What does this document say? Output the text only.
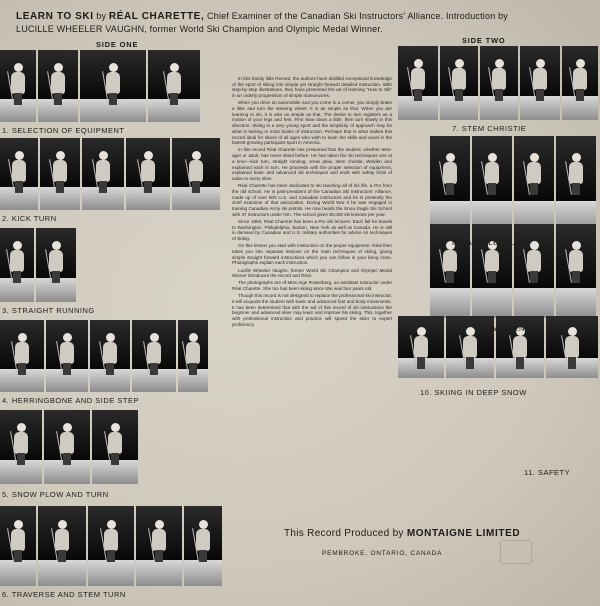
LEARN TO SKI by RÉAL CHARETTE, Chief Examiner of the Canadian Ski Instructors' Alliance. Introduction by
LUCILLE WHEELER VAUGHN, former World Ski Champion and Olympic Medal Winner.
SIDE ONE	SIDE TWO
1. SELECTION OF EQUIPMENT
2. KICK TURN
3. STRAIGHT RUNNING
4. HERRINGBONE AND SIDE STEP
5. SNOW PLOW AND TURN
6. TRAVERSE AND STEM TURN
7. STEM CHRISTIE
8. PARALLEL TURN
9. WELDEN
10. SKIING IN DEEP SNOW
11. SAFETY

In this handy little Record, the authors have distilled exceptional knowledge of the sport of skiing into simple yet straight forward detailed instruction. With step-by-step illustrations, they have presented the art of learning "How to Ski" in an orderly progression of simple manoeuvres.

When you drive an automobile and you come to a corner, you simply brake a little and turn the steering wheel. It is as simple as that. When you are learning to ski, it is also as simple as that. The desire to turn registers as a motion of your legs and feet. First slow down a little, then turn slowly in this direction. Skiing is a very young sport and the simplicity of approach may be what is lacking in most books of instruction. Perhaps that is what makes this record ideal for skiers of all ages who wish to learn the skills and excel in the fastest growing participant sport in America.

In this record Réal Charette has presumed that the student, whether teen-ager or adult, has never skied before. He has taken the ski techniques one at a time—kick turn, straight running, snow plow, stem christie, Welden and explained each in turn. He proceeds with the proper selection of equipment, explained basic and advanced ski techniques and ends with safety hints of value to every skier.

Réal Charette has been dedicated to ski teaching all of his life, a Pro from the old school. He is past-president of the Canadian Ski Instructors' Alliance, made up of over 800 U.S. and Canadian instructors and he is presently the chief examiner of that association. During World War II he was engaged in training Canadian Army ski patrols. He now heads the Snow Eagle Ski School with 37 instructors under him. The school gives 30,000 ski lessons per year.

Since 1950, Réal Charette has been a Pro Ski lecturer. Each fall he travels to Washington, Philadelphia, Boston, New York as well as Canada. He is still in demand by Canadian and U.S. military authorities for advice on techniques of skiing.

On this lesson you start with instruction on the proper equipment. Réal then takes you into separate lessons on the main techniques of skiing, giving simple straight forward instructions which you can follow in your living room. Photographs explain each instruction.

Lucille Wheeler Vaughn, former World Ski Champion and Olympic Medal Winner introduces the record and Réal.

The photographs are of Miss Inge Rosenberg, an assistant instructor under Réal Charette. She too has been skiing since she was four years old.

Though this record is not designed to replace the professional ski instructor, it will acquaint the student with basic and advanced foot and body movements. It has been determined that with the aid of this record of ski instructions the beginner and advanced skier may learn and improve his skiing. This, together with professional instruction and practice will speed the skier to expert proficiency.

This Record Produced by MONTAIGNE LIMITED
PEMBROKE, ONTARIO, CANADA
